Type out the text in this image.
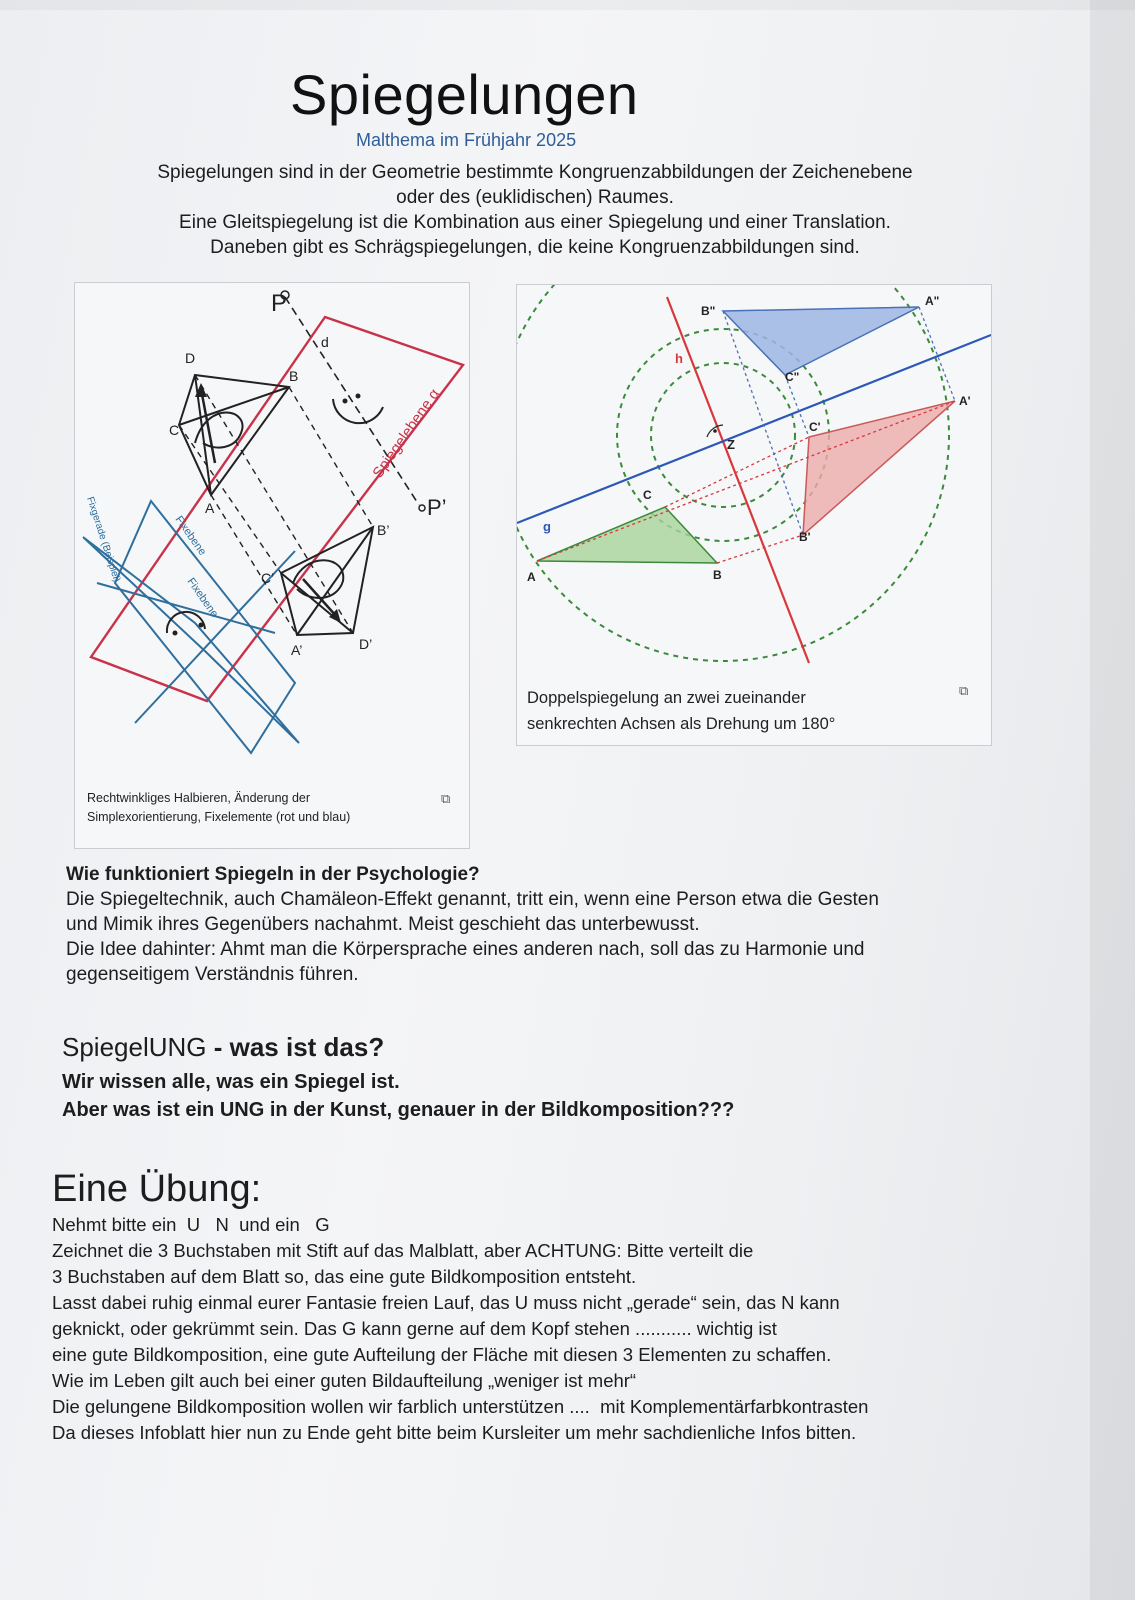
Spiegelungen
Malthema im Frühjahr 2025
Spiegelungen sind in der Geometrie bestimmte Kongruenzabbildungen der Zeichenebene
oder des (euklidischen) Raumes.
Eine Gleitspiegelung ist die Kombination aus einer Spiegelung und einer Translation.
Daneben gibt es Schrägspiegelungen, die keine Kongruenzabbildungen sind.
P
P’
D
B
C
A
B’
C’
A’	D’
d
Spiegelebene α
Fixgerade (Beispiel)	Fixebene
Fixebene
Rechtwinkliges Halbieren, Änderung der
Simplexorientierung, Fixelemente (rot und blau)
⧉
B"
A"
C"
C'
A'
B'
A	B
C
Z
h
g
Doppelspiegelung an zwei zueinander
senkrechten Achsen als Drehung um 180°
⧉
Wie funktioniert Spiegeln in der Psychologie?
Die Spiegeltechnik, auch Chamäleon-Effekt genannt, tritt ein, wenn eine Person etwa die Gesten
und Mimik ihres Gegenübers nachahmt. Meist geschieht das unterbewusst.
Die Idee dahinter: Ahmt man die Körpersprache eines anderen nach, soll das zu Harmonie und
gegenseitigem Verständnis führen.
SpiegelUNG - was ist das?
Wir wissen alle, was ein Spiegel ist.
Aber was ist ein UNG in der Kunst, genauer in der Bildkomposition???
Eine Übung:
Nehmt bitte ein  U   N  und ein   G
Zeichnet die 3 Buchstaben mit Stift auf das Malblatt, aber ACHTUNG: Bitte verteilt die
3 Buchstaben auf dem Blatt so, das eine gute Bildkomposition entsteht.
Lasst dabei ruhig einmal eurer Fantasie freien Lauf, das U muss nicht „gerade“ sein, das N kann
geknickt, oder gekrümmt sein. Das G kann gerne auf dem Kopf stehen ........... wichtig ist
eine gute Bildkomposition, eine gute Aufteilung der Fläche mit diesen 3 Elementen zu schaffen.
Wie im Leben gilt auch bei einer guten Bildaufteilung „weniger ist mehr“
Die gelungene Bildkomposition wollen wir farblich unterstützen ....  mit Komplementärfarbkontrasten
Da dieses Infoblatt hier nun zu Ende geht bitte beim Kursleiter um mehr sachdienliche Infos bitten.
